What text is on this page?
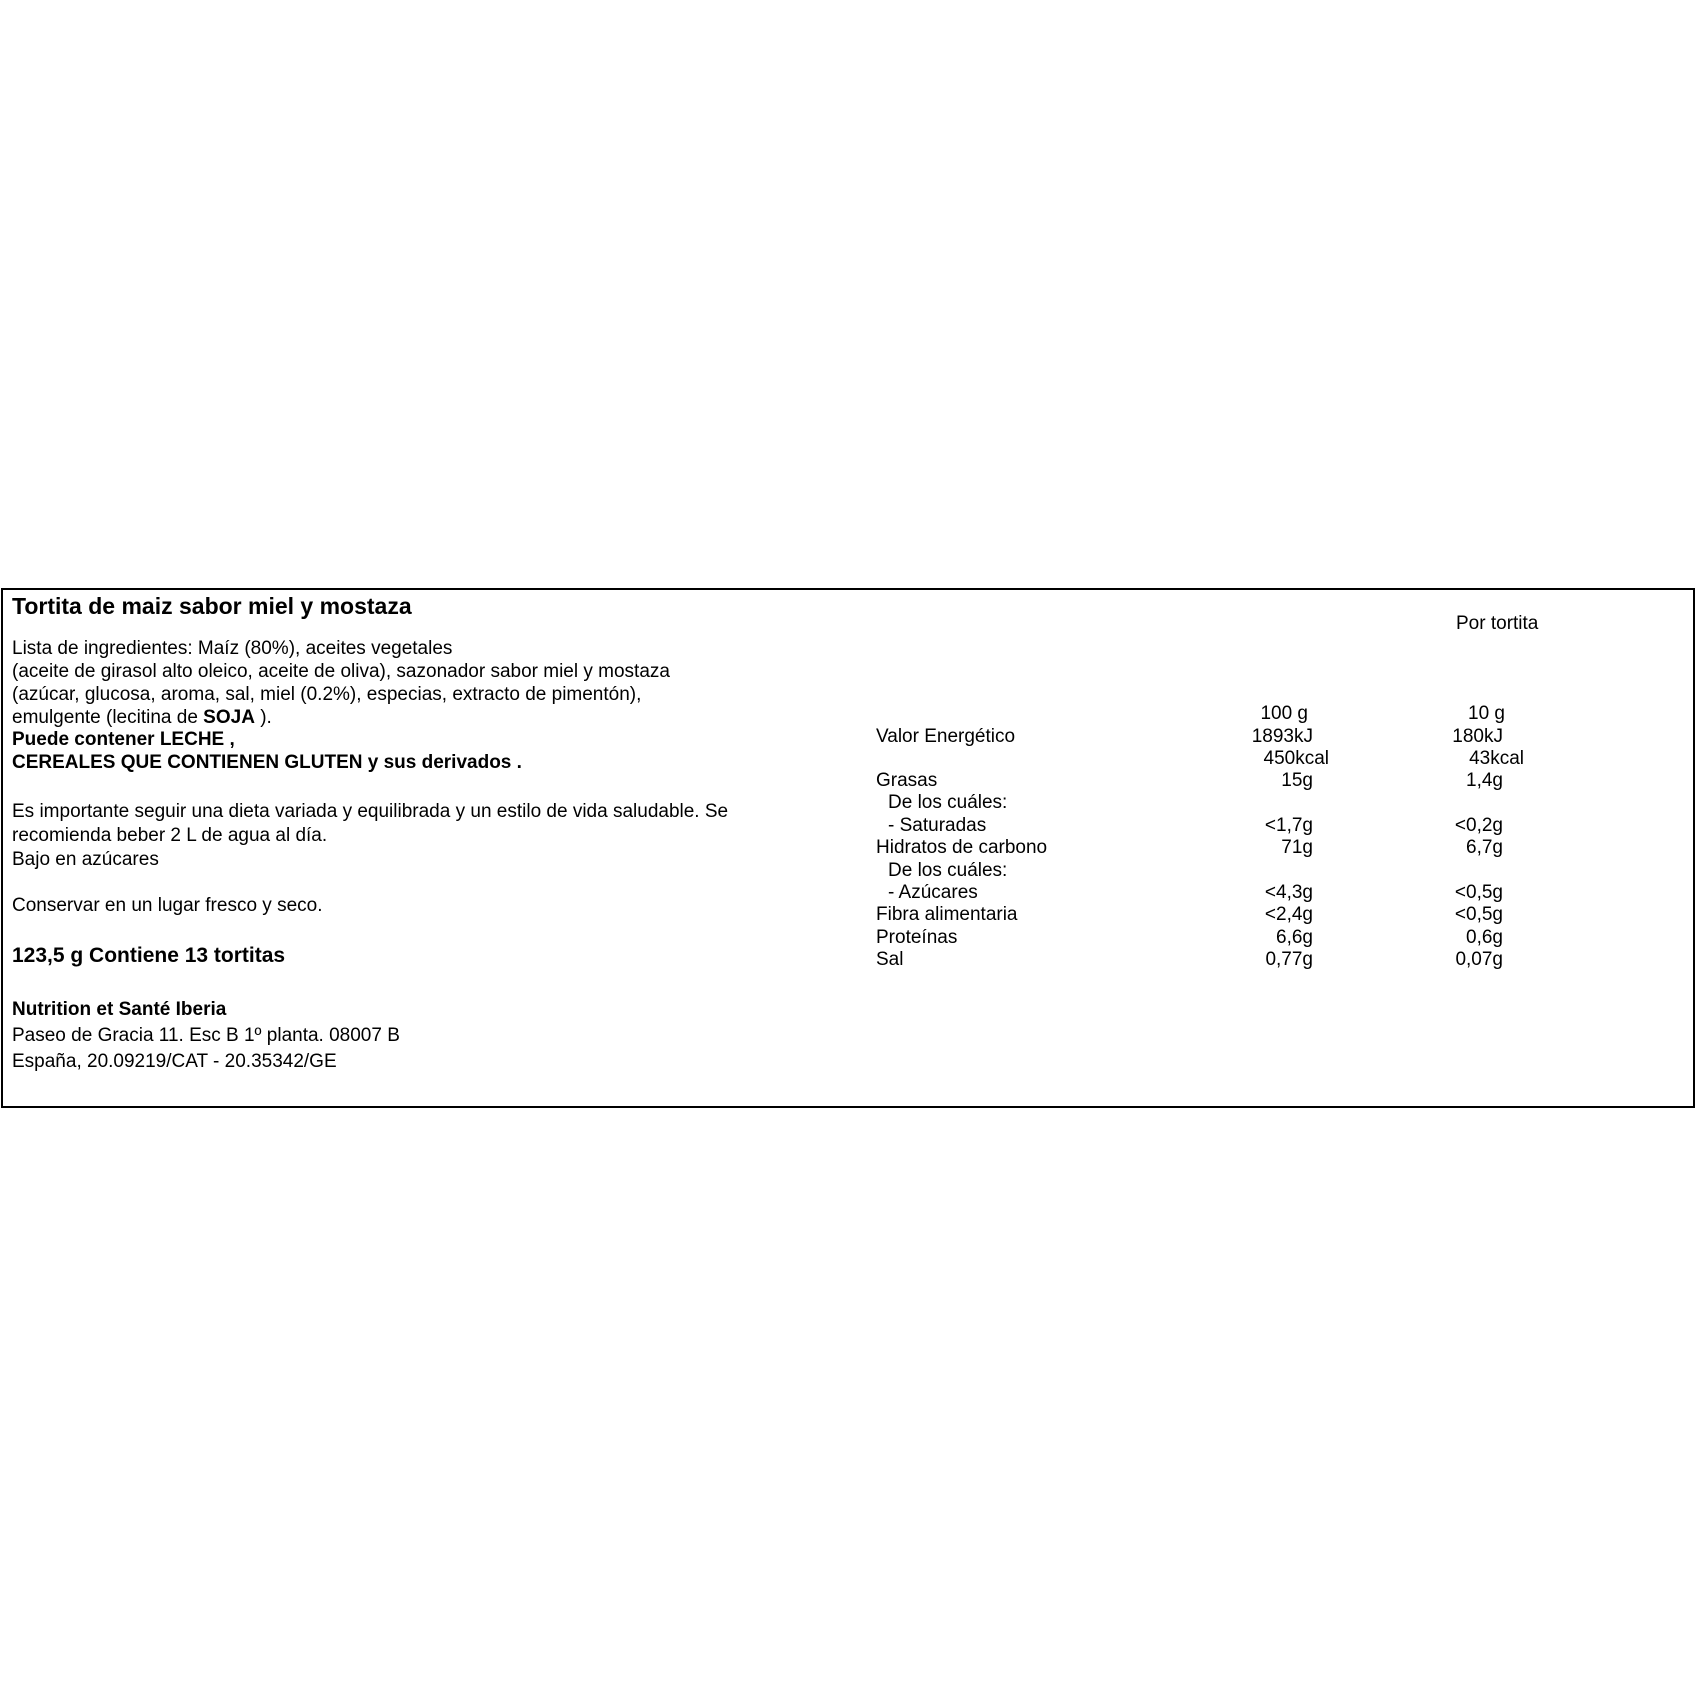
Tortita de maiz sabor miel y mostaza
Lista de ingredientes: Maíz (80%), aceites vegetales
(aceite de girasol alto oleico, aceite de oliva), sazonador sabor miel y mostaza
(azúcar, glucosa, aroma, sal, miel (0.2%), especias, extracto de pimentón),
emulgente (lecitina de SOJA ).
Puede contener LECHE ,
CEREALES QUE CONTIENEN GLUTEN y sus derivados .
Es importante seguir una dieta variada y equilibrada y un estilo de vida saludable. Se
recomienda beber 2 L de agua al día.
Bajo en azúcares
Conservar en un lugar fresco y seco.
123,5 g Contiene 13 tortitas
Nutrition et Santé Iberia
Paseo de Gracia 11. Esc B 1º planta. 08007 B
España, 20.09219/CAT - 20.35342/GE
Por tortita
100 g	10 g
Valor Energético	1893kJ	180kJ
450kcal	43kcal
Grasas	15g	1,4g
De los cuáles:
- Saturadas	<1,7g	<0,2g
Hidratos de carbono	71g	6,7g
De los cuáles:
- Azúcares	<4,3g	<0,5g
Fibra alimentaria	<2,4g	<0,5g
Proteínas	6,6g	0,6g
Sal	0,77g	0,07g
